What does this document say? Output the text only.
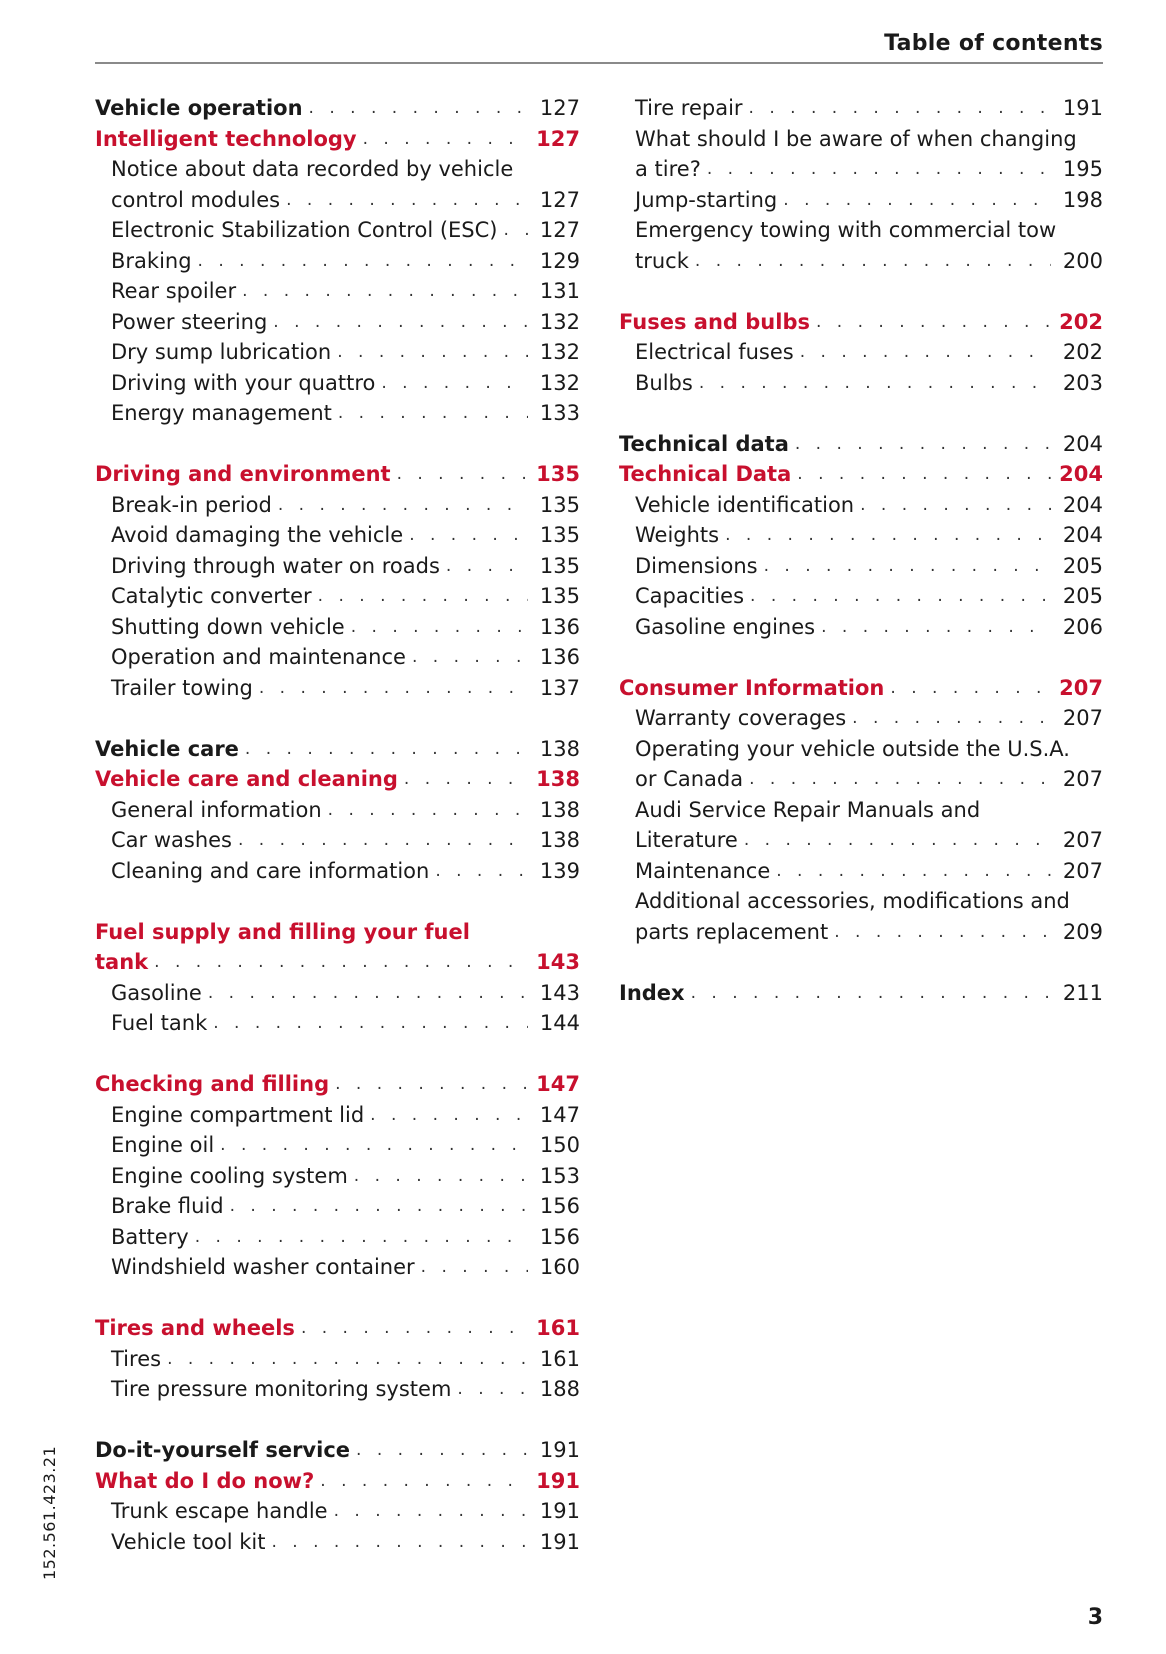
Table of contents
Vehicle operation . . .	127
Intelligent technology . . .	127
Notice about data recorded by vehicle
control modules . . .	127
Electronic Stabilization Control (ESC) . . .	127
Braking . . .	129
Rear spoiler . . .	131
Power steering . . .	132
Dry sump lubrication . . .	132
Driving with your quattro . . .	132
Energy management . . .	133
Driving and environment . . .	135
Break-in period . . .	135
Avoid damaging the vehicle . . .	135
Driving through water on roads . . .	135
Catalytic converter . . .	135
Shutting down vehicle . . .	136
Operation and maintenance . . .	136
Trailer towing . . .	137
Vehicle care . . .	138
Vehicle care and cleaning . . .	138
General information . . .	138
Car washes . . .	138
Cleaning and care information . . .	139
Fuel supply and filling your fuel
tank . . .	143
Gasoline . . .	143
Fuel tank . . .	144
Checking and filling . . .	147
Engine compartment lid . . .	147
Engine oil . . .	150
Engine cooling system . . .	153
Brake fluid . . .	156
Battery . . .	156
Windshield washer container . . .	160
Tires and wheels . . .	161
Tires . . .	161
Tire pressure monitoring system . . .	188
Do-it-yourself service . . .	191
What do I do now? . . .	191
Trunk escape handle . . .	191
Vehicle tool kit . . .	191
Tire repair . . .	191
What should I be aware of when changing
a tire? . . .	195
Jump-starting . . .	198
Emergency towing with commercial tow
truck . . .	200
Fuses and bulbs . . .	202
Electrical fuses . . .	202
Bulbs . . .	203
Technical data . . .	204
Technical Data . . .	204
Vehicle identification . . .	204
Weights . . .	204
Dimensions . . .	205
Capacities . . .	205
Gasoline engines . . .	206
Consumer Information . . .	207
Warranty coverages . . .	207
Operating your vehicle outside the U.S.A.
or Canada . . .	207
Audi Service Repair Manuals and
Literature . . .	207
Maintenance . . .	207
Additional accessories, modifications and
parts replacement . . .	209
Index . . .	211
152.561.423.21
3
